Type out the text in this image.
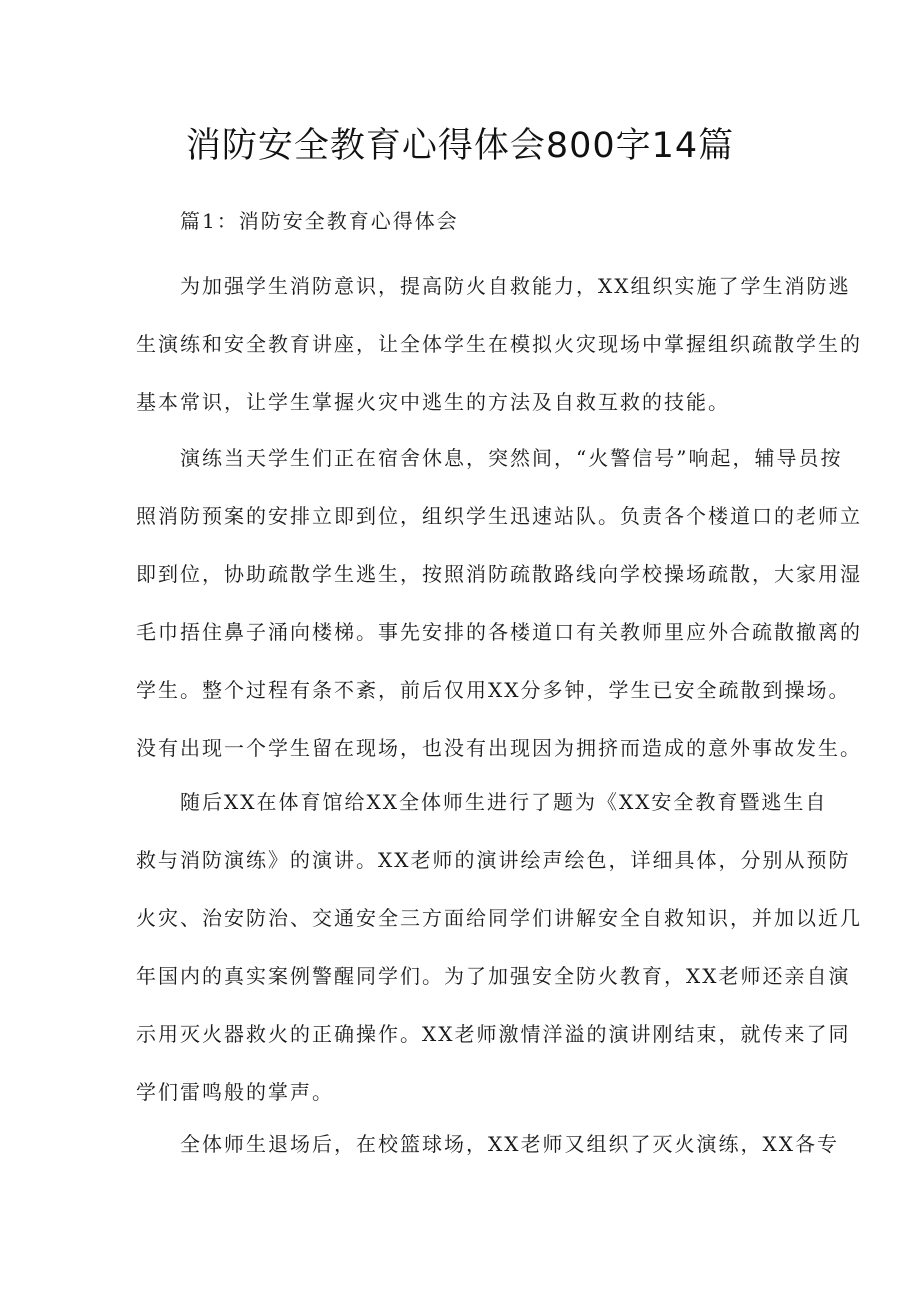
消防安全教育心得体会800字14篇

篇1：消防安全教育心得体会

为加强学生消防意识，提高防火自救能力，XX组织实施了学生消防逃
生演练和安全教育讲座，让全体学生在模拟火灾现场中掌握组织疏散学生的
基本常识，让学生掌握火灾中逃生的方法及自救互救的技能。
演练当天学生们正在宿舍休息，突然间，“火警信号”响起，辅导员按
照消防预案的安排立即到位，组织学生迅速站队。负责各个楼道口的老师立
即到位，协助疏散学生逃生，按照消防疏散路线向学校操场疏散，大家用湿
毛巾捂住鼻子涌向楼梯。事先安排的各楼道口有关教师里应外合疏散撤离的
学生。整个过程有条不紊，前后仅用XX分多钟，学生已安全疏散到操场。
没有出现一个学生留在现场，也没有出现因为拥挤而造成的意外事故发生。
随后XX在体育馆给XX全体师生进行了题为《XX安全教育暨逃生自
救与消防演练》的演讲。XX老师的演讲绘声绘色，详细具体，分别从预防
火灾、治安防治、交通安全三方面给同学们讲解安全自救知识，并加以近几
年国内的真实案例警醒同学们。为了加强安全防火教育，XX老师还亲自演
示用灭火器救火的正确操作。XX老师激情洋溢的演讲刚结束，就传来了同
学们雷鸣般的掌声。
全体师生退场后，在校篮球场，XX老师又组织了灭火演练，XX各专
